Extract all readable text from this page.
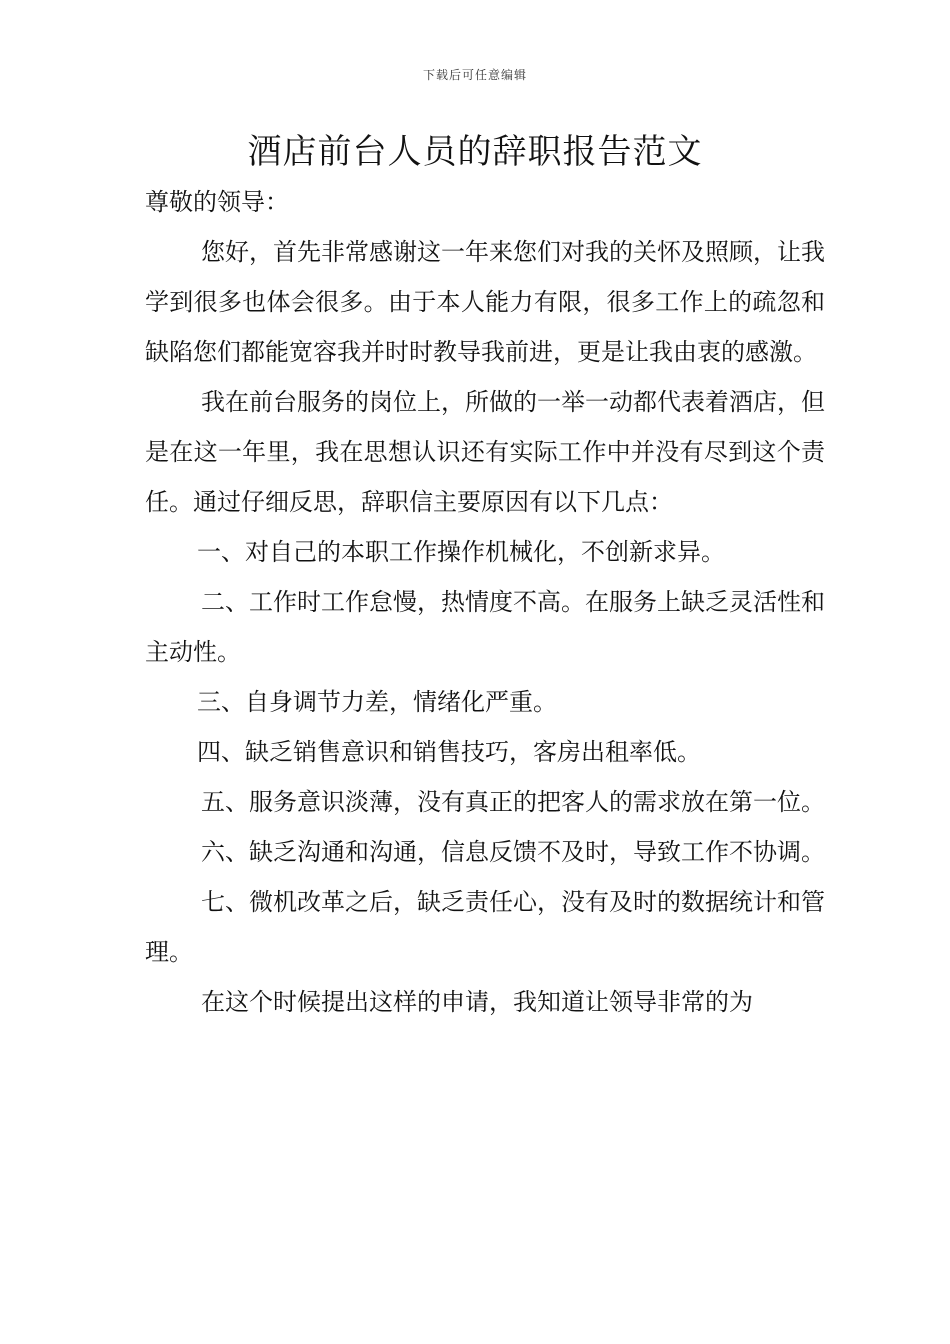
下载后可任意编辑
酒店前台人员的辞职报告范文

尊敬的领导：

您好，首先非常感谢这一年来您们对我的关怀及照顾，让我学到很多也体会很多。由于本人能力有限，很多工作上的疏忽和缺陷您们都能宽容我并时时教导我前进，更是让我由衷的感激。

我在前台服务的岗位上，所做的一举一动都代表着酒店，但是在这一年里，我在思想认识还有实际工作中并没有尽到这个责任。通过仔细反思，辞职信主要原因有以下几点：

一、对自己的本职工作操作机械化，不创新求异。

二、工作时工作怠慢，热情度不高。在服务上缺乏灵活性和主动性。

三、自身调节力差，情绪化严重。

四、缺乏销售意识和销售技巧，客房出租率低。

五、服务意识淡薄，没有真正的把客人的需求放在第一位。

六、缺乏沟通和沟通，信息反馈不及时，导致工作不协调。

七、微机改革之后，缺乏责任心，没有及时的数据统计和管理。

在这个时候提出这样的申请，我知道让领导非常的为
